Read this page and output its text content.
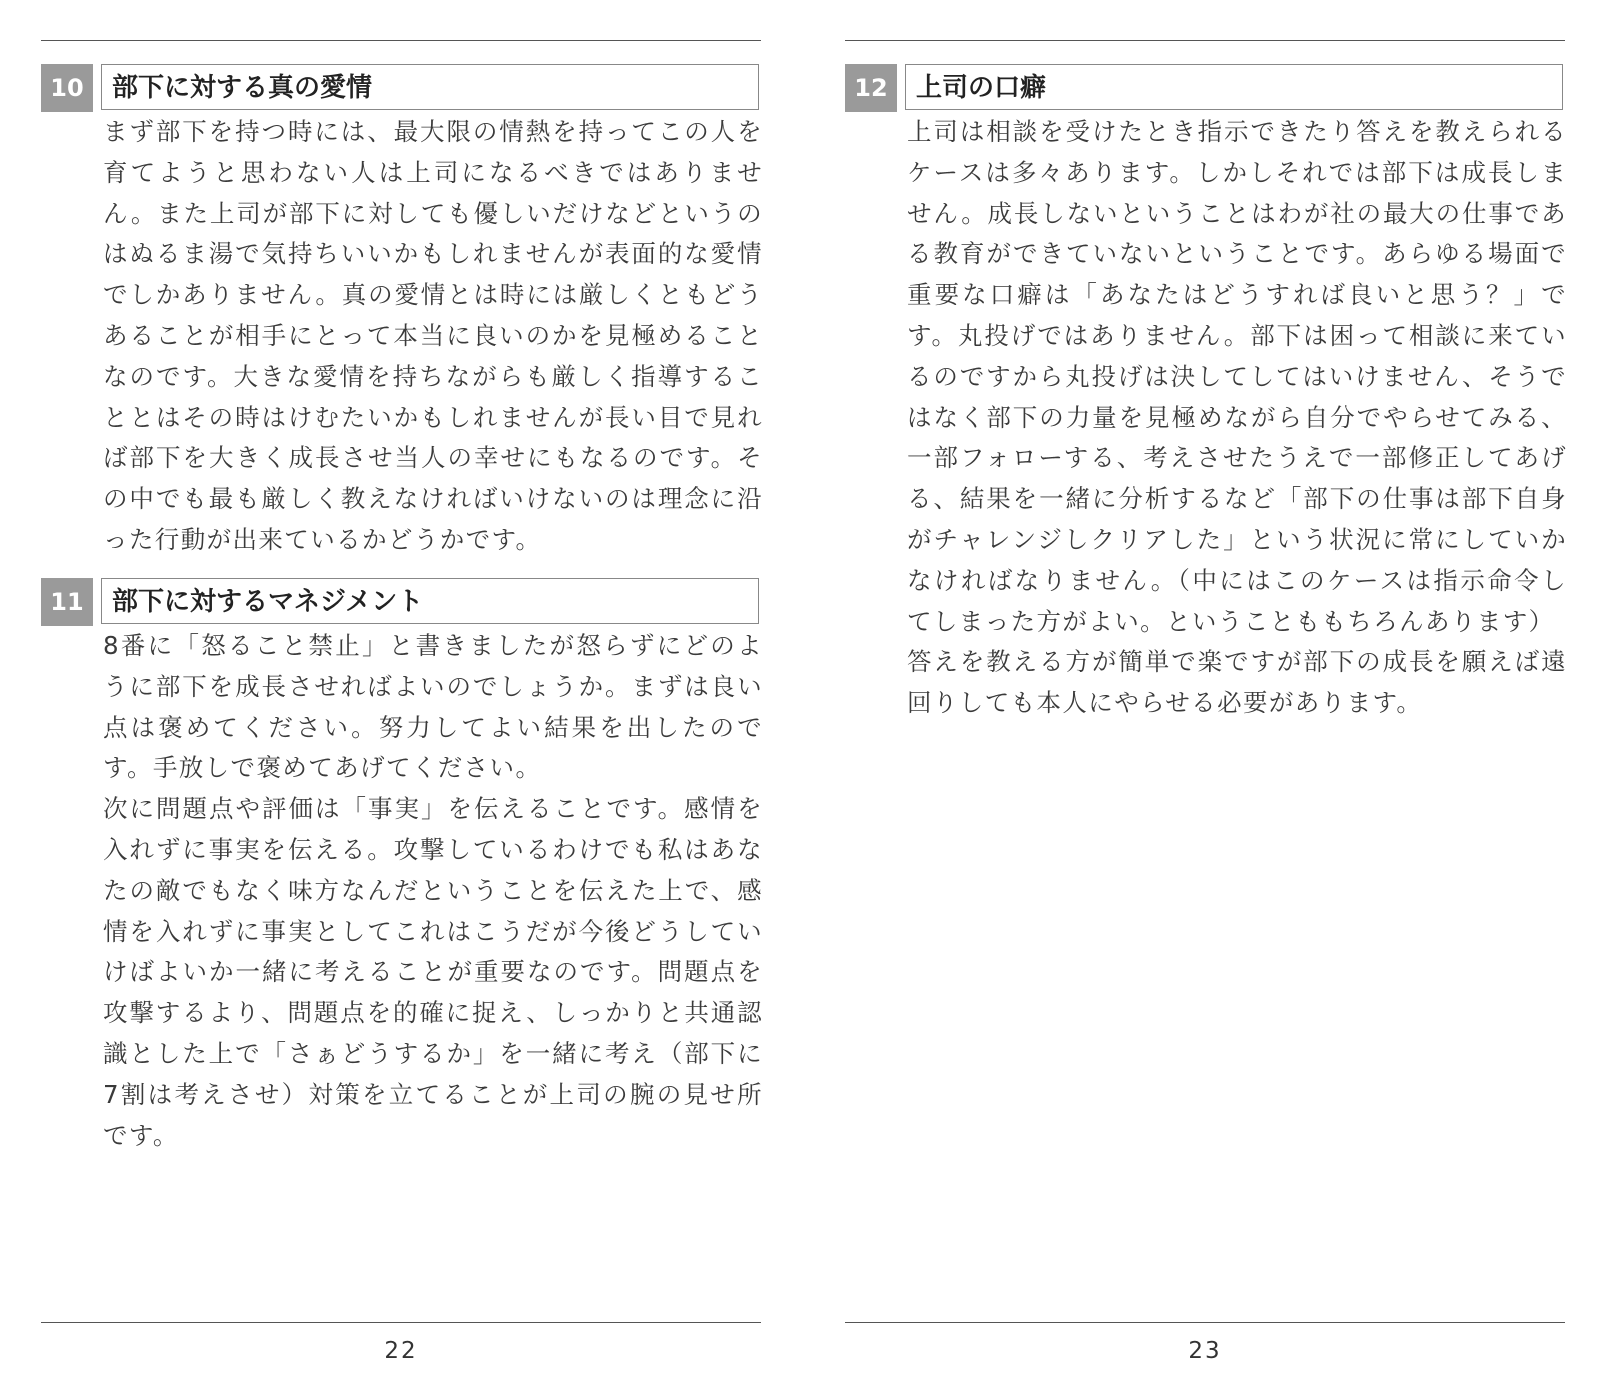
10	部下に対する真の愛情

まず部下を持つ時には、最大限の情熱を持ってこの人を育てようと思わない人は上司になるべきではありません。また上司が部下に対しても優しいだけなどというのはぬるま湯で気持ちいいかもしれませんが表面的な愛情でしかありません。真の愛情とは時には厳しくともどうあることが相手にとって本当に良いのかを見極めることなのです。大きな愛情を持ちながらも厳しく指導することとはその時はけむたいかもしれませんが長い目で見れば部下を大きく成長させ当人の幸せにもなるのです。その中でも最も厳しく教えなければいけないのは理念に沿った行動が出来ているかどうかです。

11	部下に対するマネジメント

8番に「怒ること禁止」と書きましたが怒らずにどのように部下を成長させればよいのでしょうか。まずは良い点は褒めてください。努力してよい結果を出したのです。手放しで褒めてあげてください。

次に問題点や評価は「事実」を伝えることです。感情を入れずに事実を伝える。攻撃しているわけでも私はあなたの敵でもなく味方なんだということを伝えた上で、感情を入れずに事実としてこれはこうだが今後どうしていけばよいか一緒に考えることが重要なのです。問題点を攻撃するより、問題点を的確に捉え、しっかりと共通認識とした上で「さぁどうするか」を一緒に考え（部下に7割は考えさせ）対策を立てることが上司の腕の見せ所です。

22
12	上司の口癖

上司は相談を受けたとき指示できたり答えを教えられるケースは多々あります。しかしそれでは部下は成長しません。成長しないということはわが社の最大の仕事である教育ができていないということです。あらゆる場面で重要な口癖は「あなたはどうすれば良いと思う？」です。丸投げではありません。部下は困って相談に来ているのですから丸投げは決してしてはいけません、そうではなく部下の力量を見極めながら自分でやらせてみる、一部フォローする、考えさせたうえで一部修正してあげる、結果を一緒に分析するなど「部下の仕事は部下自身がチャレンジしクリアした」という状況に常にしていかなければなりません。（中にはこのケースは指示命令してしまった方がよい。ということももちろんあります）

答えを教える方が簡単で楽ですが部下の成長を願えば遠回りしても本人にやらせる必要があります。

23
